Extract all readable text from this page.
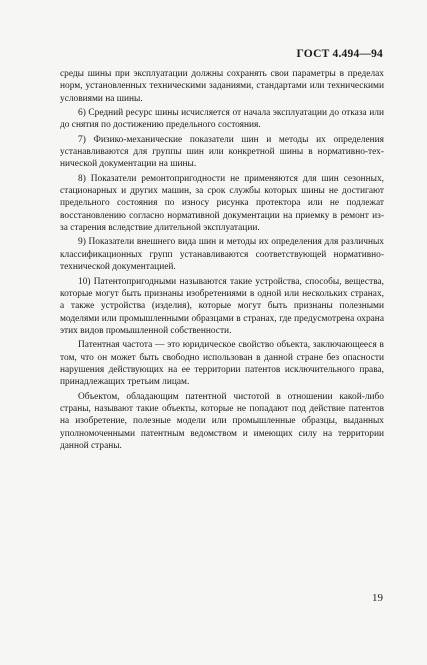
ГОСТ 4.494—94

среды шины при эксплуатации должны сохранять свои параметры в пределах норм, установленных техническими заданиями, стандартами или техническими условиями на шины.

6) Средний ресурс шины исчисляется от начала эксплуатации до отказа или до снятия по достижению предельного состояния.

7) Физико-механические показатели шин и методы их определения устанавливаются для группы шин или конкретной шины в нормативно-технической документации на шины.

8) Показатели ремонтопригодности не применяются для шин сезонных, стационарных и других машин, за срок службы которых шины не достигают предельного состояния по износу рисунка протектора или не подлежат восстановлению согласно нормативной документации на приемку в ремонт из-за старения вследствие длительной эксплуатации.

9) Показатели внешнего вида шин и методы их определения для различных классификационных групп устанавливаются соответствующей нормативно-технической документацией.

10) Патентопригодными называются такие устройства, способы, вещества, которые могут быть признаны изобретениями в одной или нескольких странах, а также устройства (изделия), которые могут быть признаны полезными моделями или промышленными образцами в странах, где предусмотрена охрана этих видов промышленной собственности.

Патентная частота — это юридическое свойство объекта, заключающееся в том, что он может быть свободно использован в данной стране без опасности нарушения действующих на ее территории патентов исключительного права, принадлежащих третьим лицам.

Объектом, обладающим патентной чистотой в отношении какой-либо страны, называют такие объекты, которые не попадают под действие патентов на изобретение, полезные модели или промышленные образцы, выданных уполномоченными патентным ведомством и имеющих силу на территории данной страны.

19
